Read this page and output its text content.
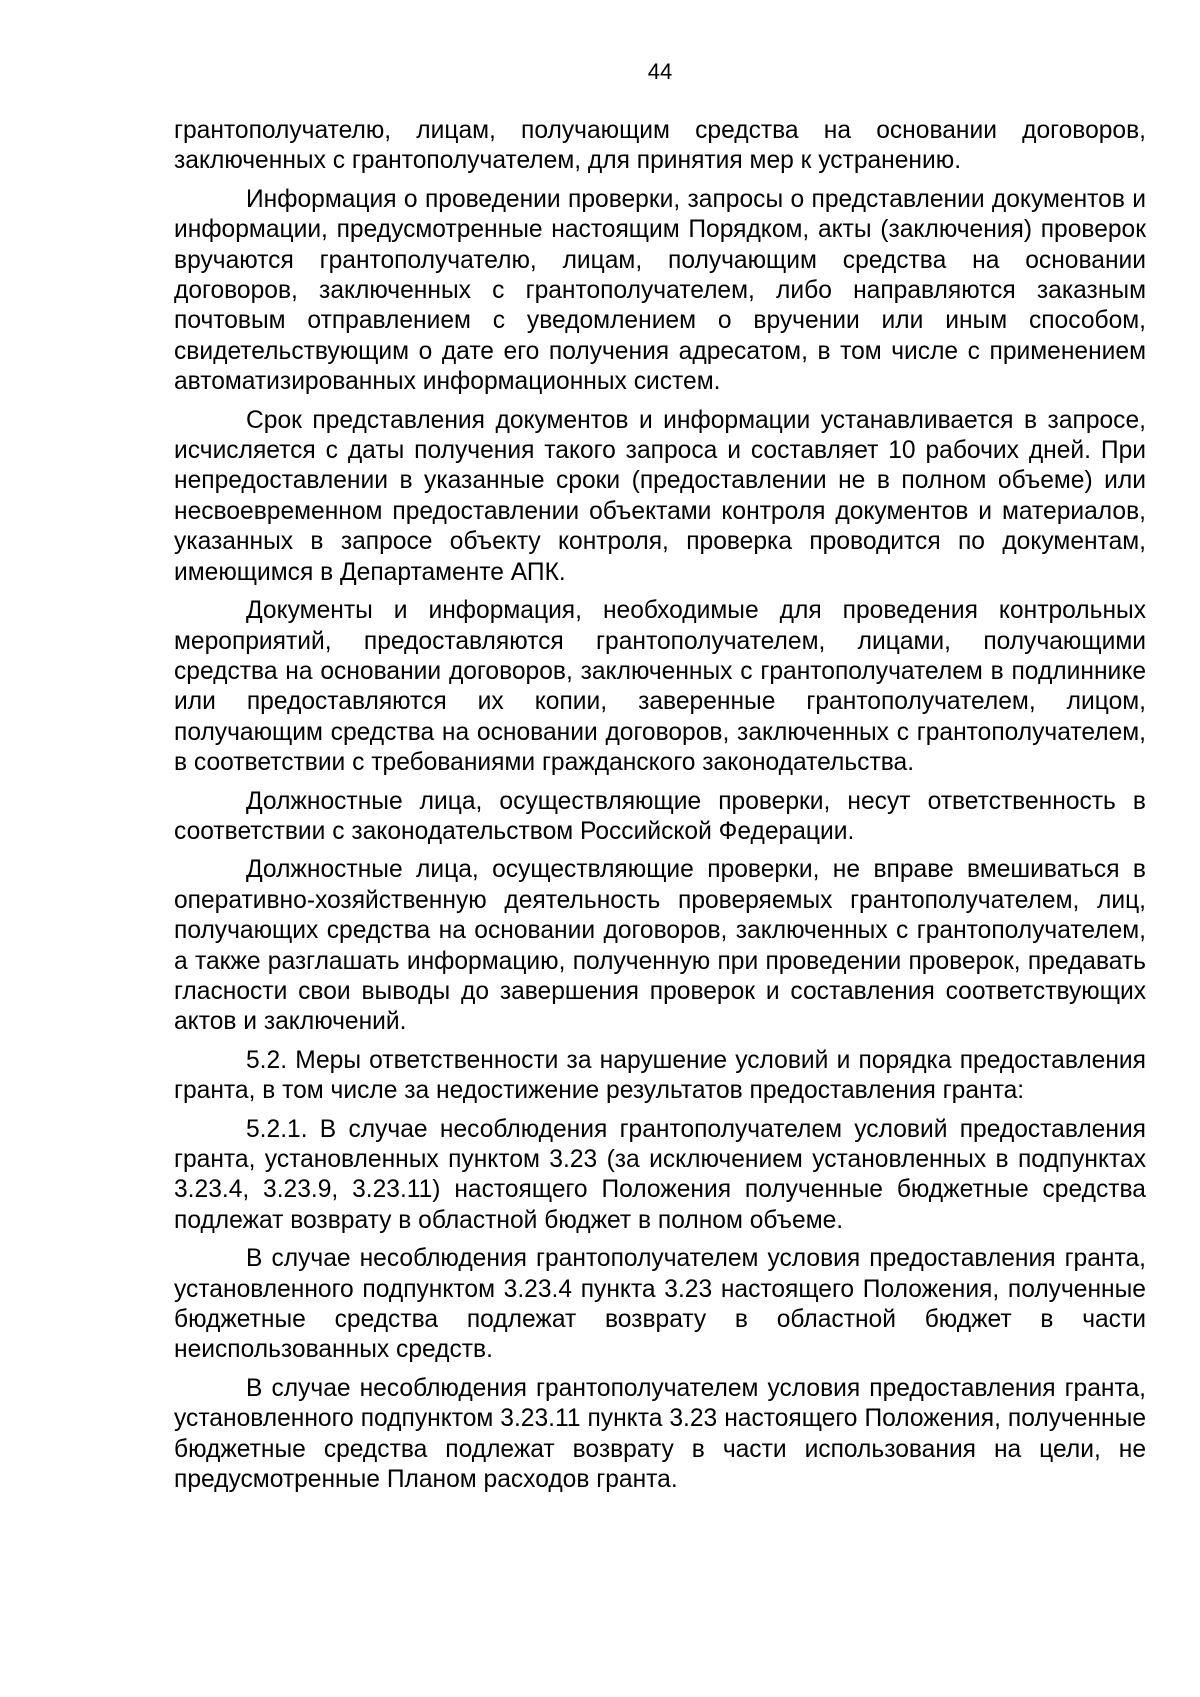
44

грантополучателю, лицам, получающим средства на основании договоров, заключенных с грантополучателем, для принятия мер к устранению.

Информация о проведении проверки, запросы о представлении документов и информации, предусмотренные настоящим Порядком, акты (заключения) проверок вручаются грантополучателю, лицам, получающим средства на основании договоров, заключенных с грантополучателем, либо направляются заказным почтовым отправлением с уведомлением о вручении или иным способом, свидетельствующим о дате его получения адресатом, в том числе с применением автоматизированных информационных систем.

Срок представления документов и информации устанавливается в запросе, исчисляется с даты получения такого запроса и составляет 10 рабочих дней. При непредоставлении в указанные сроки (предоставлении не в полном объеме) или несвоевременном предоставлении объектами контроля документов и материалов, указанных в запросе объекту контроля, проверка проводится по документам, имеющимся в Департаменте АПК.

Документы и информация, необходимые для проведения контрольных мероприятий, предоставляются грантополучателем, лицами, получающими средства на основании договоров, заключенных с грантополучателем в подлиннике или предоставляются их копии, заверенные грантополучателем, лицом, получающим средства на основании договоров, заключенных с грантополучателем, в соответствии с требованиями гражданского законодательства.

Должностные лица, осуществляющие проверки, несут ответственность в соответствии с законодательством Российской Федерации.

Должностные лица, осуществляющие проверки, не вправе вмешиваться в оперативно-хозяйственную деятельность проверяемых грантополучателем, лиц, получающих средства на основании договоров, заключенных с грантополучателем, а также разглашать информацию, полученную при проведении проверок, предавать гласности свои выводы до завершения проверок и составления соответствующих актов и заключений.

5.2. Меры ответственности за нарушение условий и порядка предоставления гранта, в том числе за недостижение результатов предоставления гранта:

5.2.1. В случае несоблюдения грантополучателем условий предоставления гранта, установленных пунктом 3.23 (за исключением установленных в подпунктах 3.23.4, 3.23.9, 3.23.11) настоящего Положения полученные бюджетные средства подлежат возврату в областной бюджет в полном объеме.

В случае несоблюдения грантополучателем условия предоставления гранта, установленного подпунктом 3.23.4 пункта 3.23 настоящего Положения, полученные бюджетные средства подлежат возврату в областной бюджет в части неиспользованных средств.

В случае несоблюдения грантополучателем условия предоставления гранта, установленного подпунктом 3.23.11 пункта 3.23 настоящего Положения, полученные бюджетные средства подлежат возврату в части использования на цели, не предусмотренные Планом расходов гранта.
